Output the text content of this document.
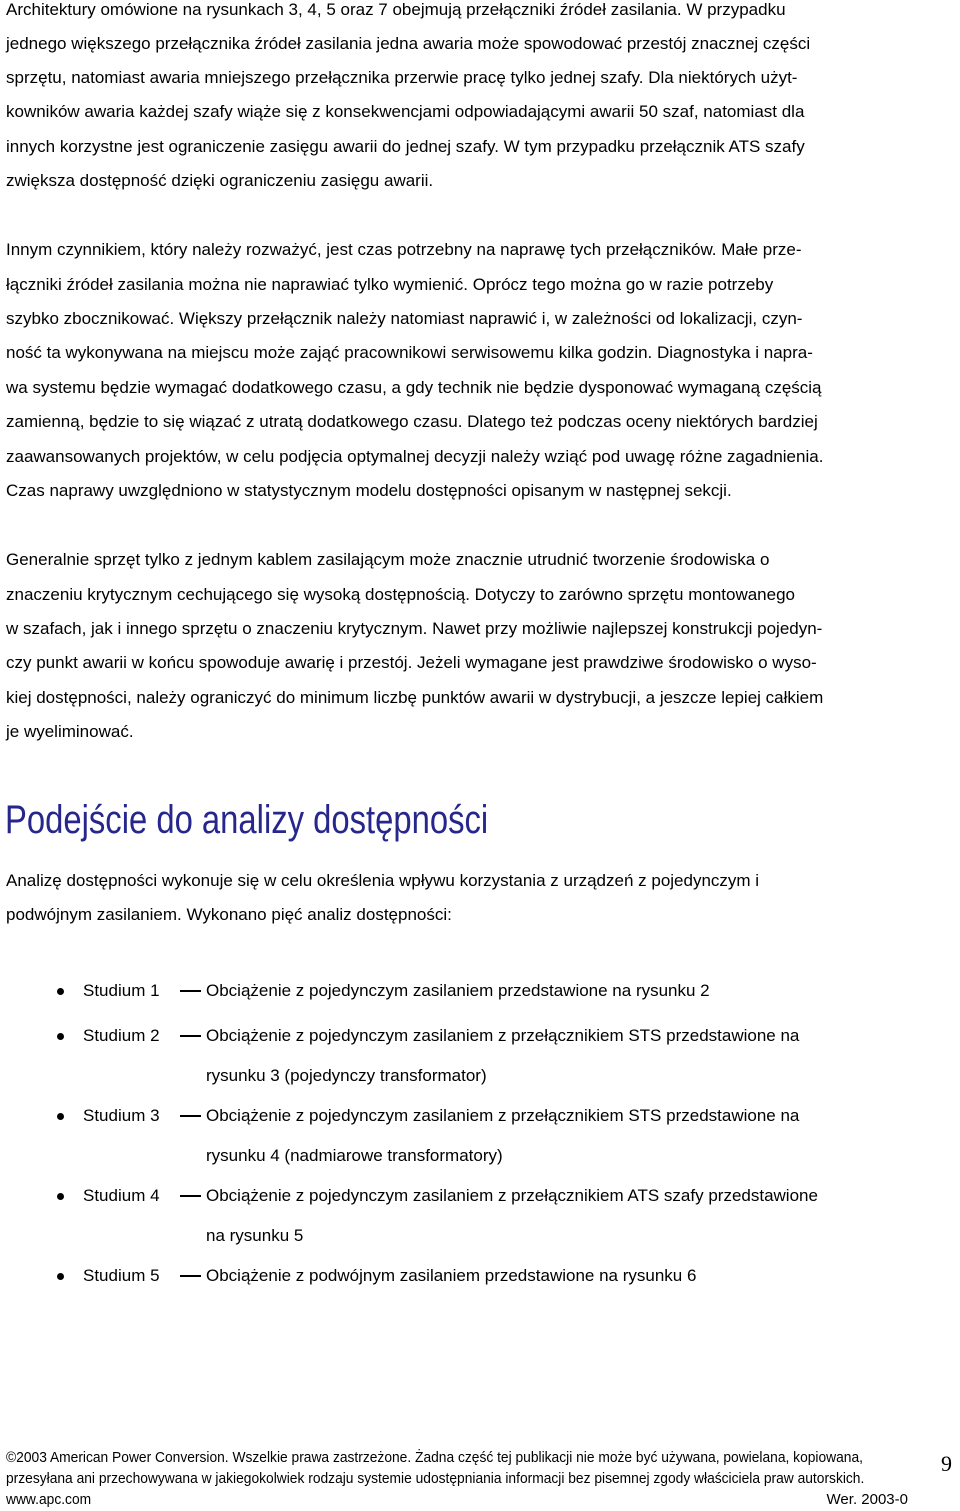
Architektury omówione na rysunkach 3, 4, 5 oraz 7 obejmują przełączniki źródeł zasilania. W przypadku
jednego większego przełącznika źródeł zasilania jedna awaria może spowodować przestój znacznej części
sprzętu, natomiast awaria mniejszego przełącznika przerwie pracę tylko jednej szafy. Dla niektórych użyt-
kowników awaria każdej szafy wiąże się z konsekwencjami odpowiadającymi awarii 50 szaf, natomiast dla
innych korzystne jest ograniczenie zasięgu awarii do jednej szafy. W tym przypadku przełącznik ATS szafy
zwiększa dostępność dzięki ograniczeniu zasięgu awarii.
Innym czynnikiem, który należy rozważyć, jest czas potrzebny na naprawę tych przełączników. Małe prze-
łączniki źródeł zasilania można nie naprawiać tylko wymienić. Oprócz tego można go w razie potrzeby
szybko zbocznikować. Większy przełącznik należy natomiast naprawić i, w zależności od lokalizacji, czyn-
ność ta wykonywana na miejscu może zająć pracownikowi serwisowemu kilka godzin. Diagnostyka i napra-
wa systemu będzie wymagać dodatkowego czasu, a gdy technik nie będzie dysponować wymaganą częścią
zamienną, będzie to się wiązać z utratą dodatkowego czasu. Dlatego też podczas oceny niektórych bardziej
zaawansowanych projektów, w celu podjęcia optymalnej decyzji należy wziąć pod uwagę różne zagadnienia.
Czas naprawy uwzględniono w statystycznym modelu dostępności opisanym w następnej sekcji.
Generalnie sprzęt tylko z jednym kablem zasilającym może znacznie utrudnić tworzenie środowiska o
znaczeniu krytycznym cechującego się wysoką dostępnością. Dotyczy to zarówno sprzętu montowanego
w szafach, jak i innego sprzętu o znaczeniu krytycznym. Nawet przy możliwie najlepszej konstrukcji pojedyn-
czy punkt awarii w końcu spowoduje awarię i przestój. Jeżeli wymagane jest prawdziwe środowisko o wyso-
kiej dostępności, należy ograniczyć do minimum liczbę punktów awarii w dystrybucji, a jeszcze lepiej całkiem
je wyeliminować.
Podejście do analizy dostępności
Analizę dostępności wykonuje się w celu określenia wpływu korzystania z urządzeń z pojedynczym i
podwójnym zasilaniem. Wykonano pięć analiz dostępności:
Studium 1	Obciążenie z pojedynczym zasilaniem przedstawione na rysunku 2
Studium 2	Obciążenie z pojedynczym zasilaniem z przełącznikiem STS przedstawione na
rysunku 3 (pojedynczy transformator)
Studium 3	Obciążenie z pojedynczym zasilaniem z przełącznikiem STS przedstawione na
rysunku 4 (nadmiarowe transformatory)
Studium 4	Obciążenie z pojedynczym zasilaniem z przełącznikiem ATS szafy przedstawione
na rysunku 5
Studium 5	Obciążenie z podwójnym zasilaniem przedstawione na rysunku 6
©2003 American Power Conversion. Wszelkie prawa zastrzeżone. Żadna część tej publikacji nie może być używana, powielana, kopiowana,
przesyłana ani przechowywana w jakiegokolwiek rodzaju systemie udostępniania informacji bez pisemnej zgody właściciela praw autorskich.
www.apc.com	Wer. 2003-0
9
